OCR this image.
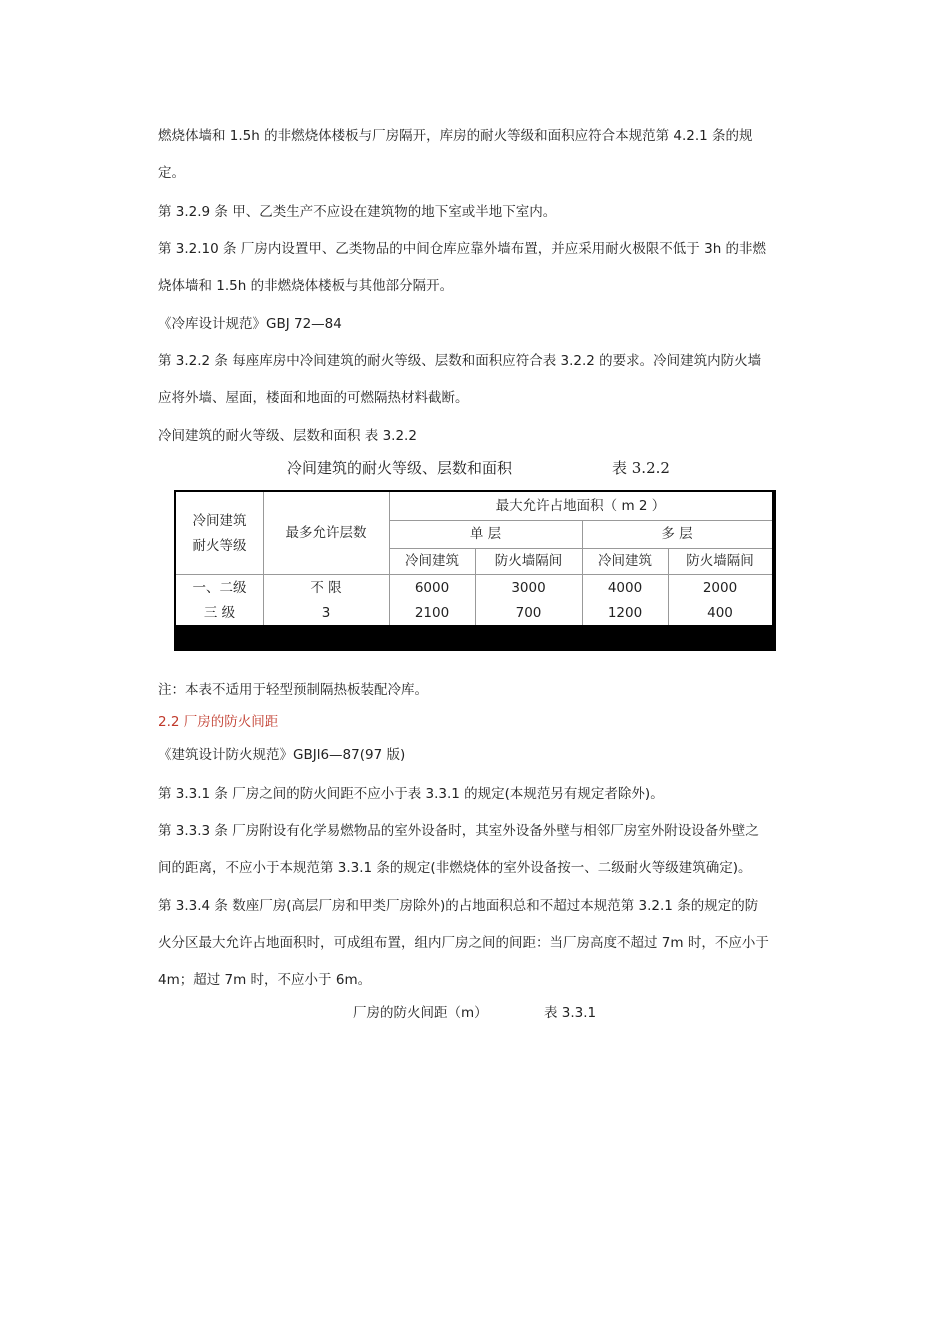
燃烧体墙和 1.5h 的非燃烧体楼板与厂房隔开，库房的耐火等级和面积应符合本规范第 4.2.1 条的规
定。
第 3.2.9 条 甲、乙类生产不应设在建筑物的地下室或半地下室内。
第 3.2.10 条 厂房内设置甲、乙类物品的中间仓库应靠外墙布置，并应采用耐火极限不低于 3h 的非燃
烧体墙和 1.5h 的非燃烧体楼板与其他部分隔开。
《冷库设计规范》GBJ 72—84
第 3.2.2 条 每座库房中冷间建筑的耐火等级、层数和面积应符合表 3.2.2 的要求。冷间建筑内防火墙
应将外墙、屋面，楼面和地面的可燃隔热材料截断。
冷间建筑的耐火等级、层数和面积 表 3.2.2
冷间建筑的耐火等级、层数和面积	表 3.2.2
冷间建筑
耐火等级
最多允许层数
最大允许占地面积（ m 2 ）
单 层	多 层
冷间建筑	防火墙隔间	冷间建筑	防火墙隔间
一、二级	不 限	6000	3000	4000	2000
三 级	3	2100	700	1200	400
注：本表不适用于轻型预制隔热板装配冷库。
2.2 厂房的防火间距
《建筑设计防火规范》GBJl6—87(97 版)
第 3.3.1 条 厂房之间的防火间距不应小于表 3.3.1 的规定(本规范另有规定者除外)。
第 3.3.3 条 厂房附设有化学易燃物品的室外设备时，其室外设备外壁与相邻厂房室外附设设备外壁之
间的距离，不应小于本规范第 3.3.1 条的规定(非燃烧体的室外设备按一、二级耐火等级建筑确定)。
第 3.3.4 条 数座厂房(高层厂房和甲类厂房除外)的占地面积总和不超过本规范第 3.2.1 条的规定的防
火分区最大允许占地面积时，可成组布置，组内厂房之间的间距：当厂房高度不超过 7m 时，不应小于
4m；超过 7m 时，不应小于 6m。
厂房的防火间距（m）	表 3.3.1
